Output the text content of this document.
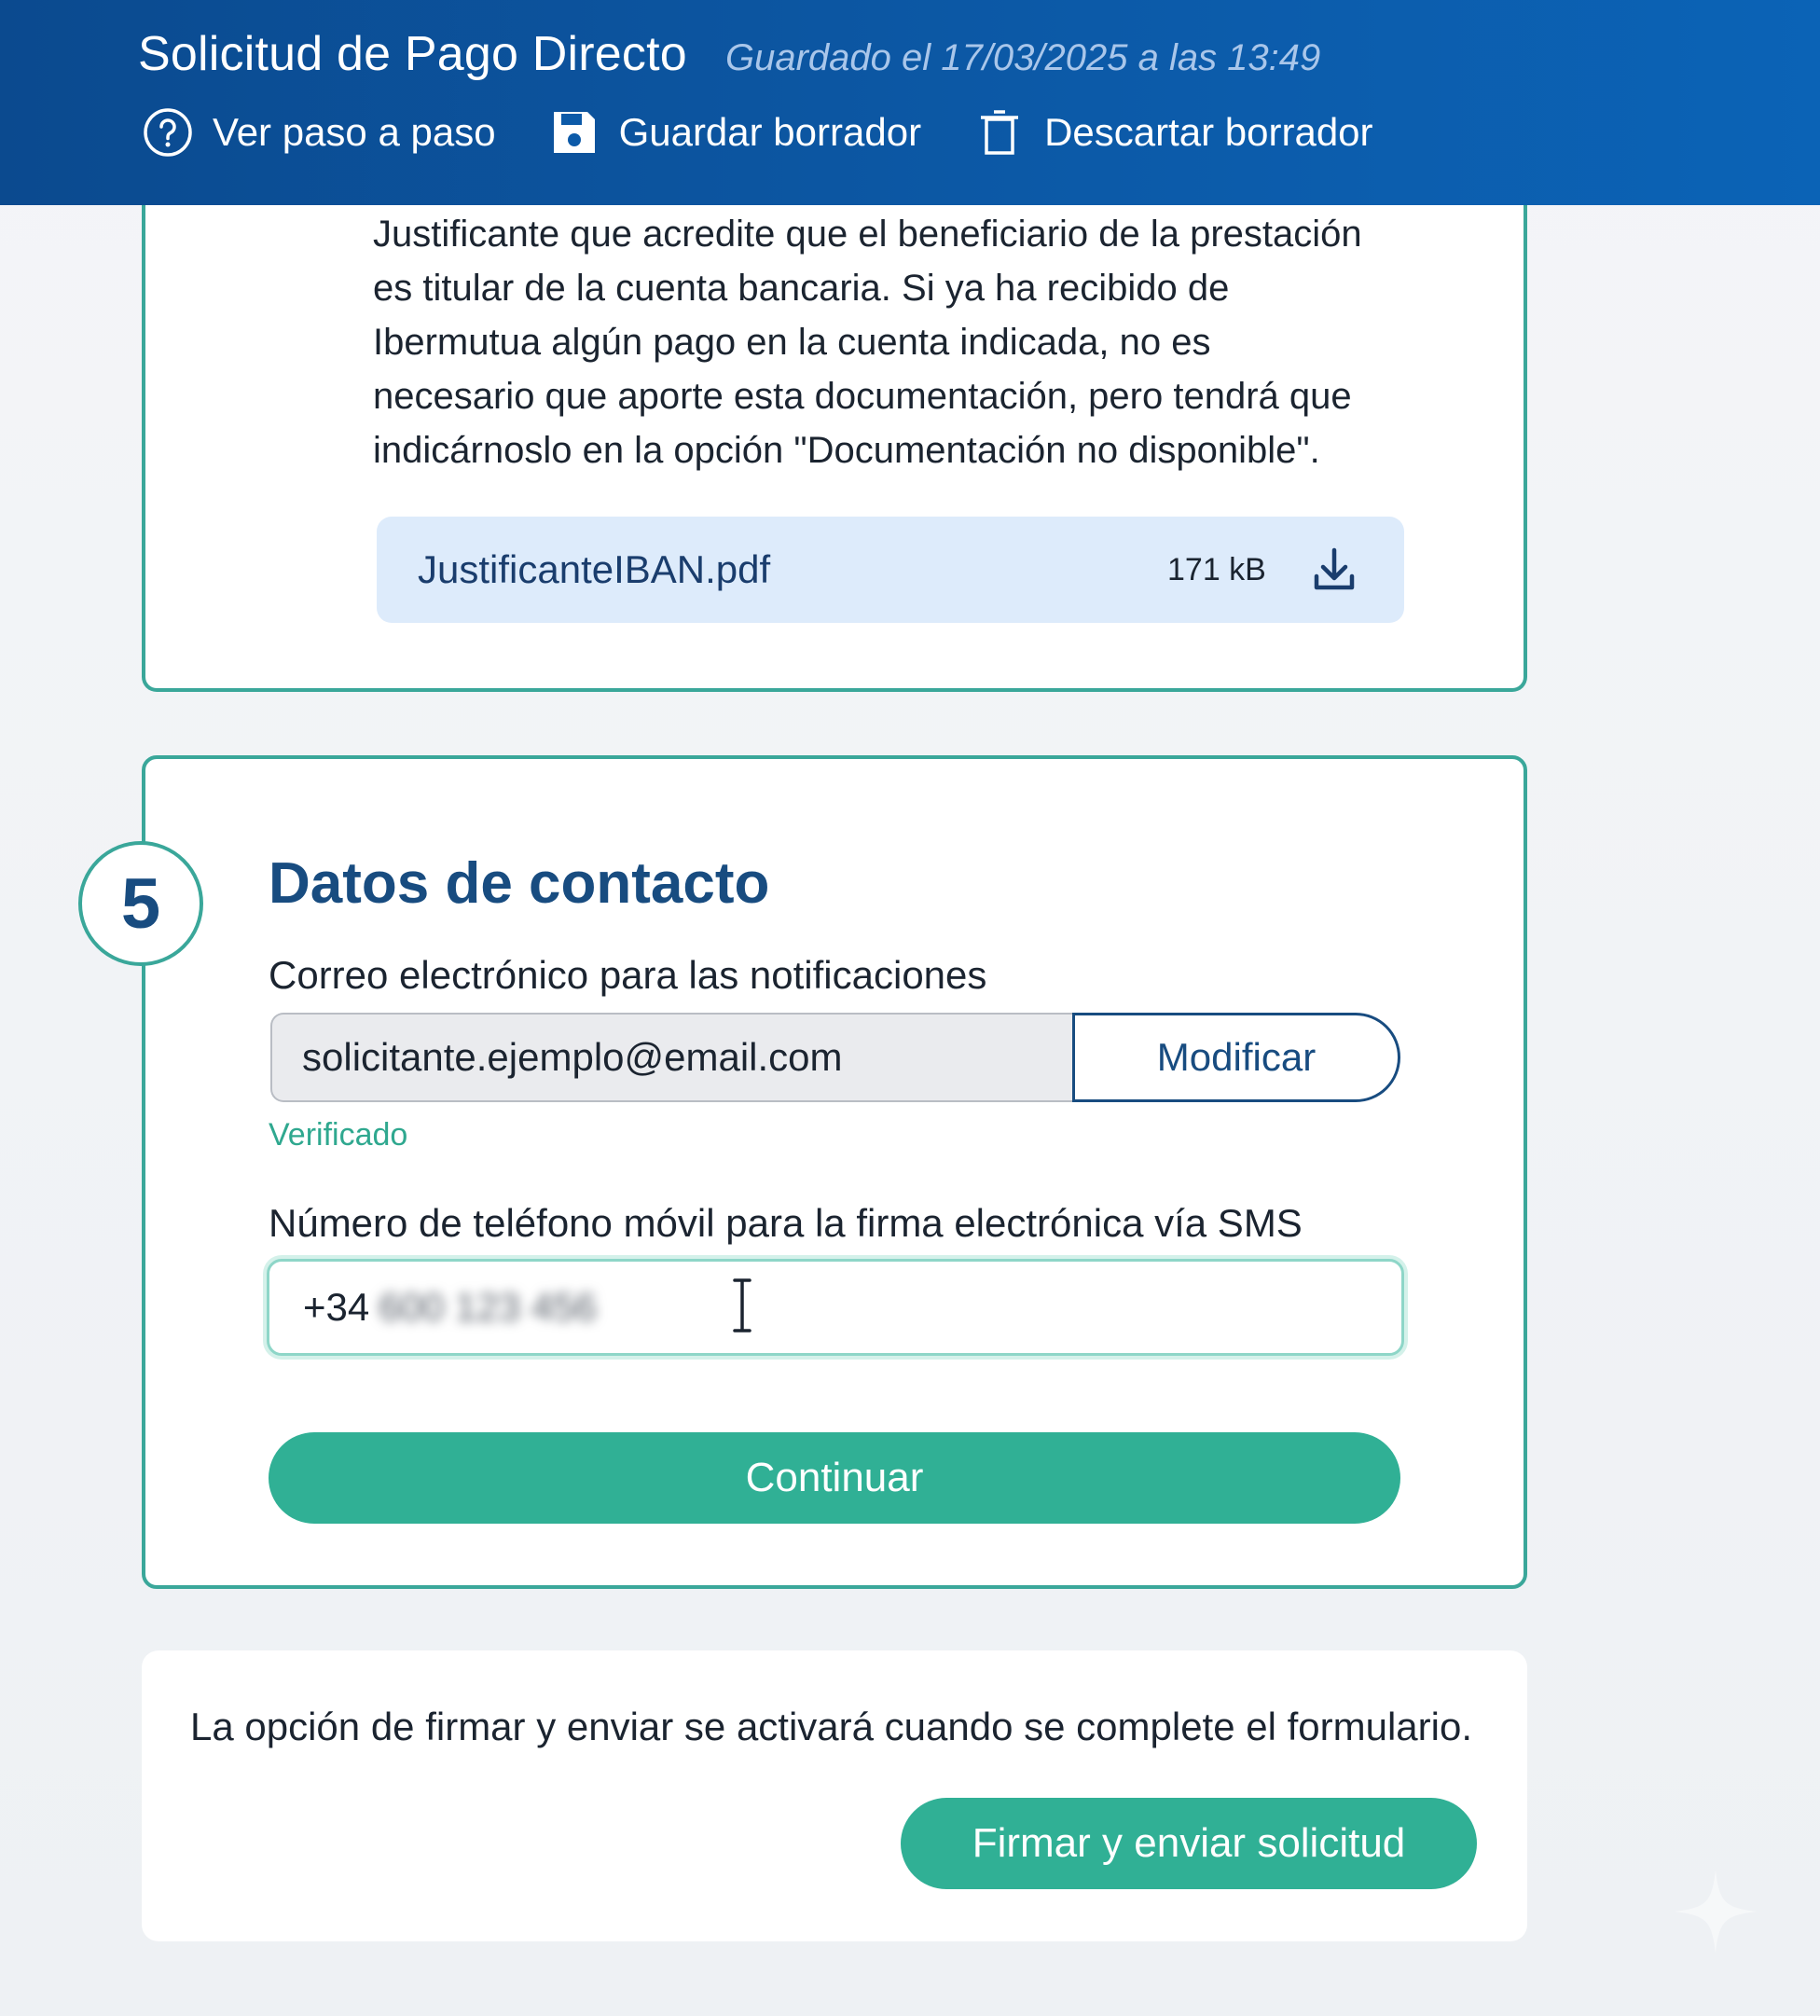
Solicitud de Pago Directo Guardado el 17/03/2025 a las 13:49
Ver paso a paso	Guardar borrador	Descartar borrador

Justificante que acredite que el beneficiario de la prestación es titular de la cuenta bancaria. Si ya ha recibido de Ibermutua algún pago en la cuenta indicada, no es necesario que aporte esta documentación, pero tendrá que indicárnoslo en la opción "Documentación no disponible".

JustificanteIBAN.pdf	171 kB
5	Datos de contacto
Correo electrónico para las notificaciones
solicitante.ejemplo@email.com	Modificar
Verificado
Número de teléfono móvil para la firma electrónica vía SMS
+34 600 123 456
Continuar

La opción de firmar y enviar se activará cuando se complete el formulario.

Firmar y enviar solicitud
